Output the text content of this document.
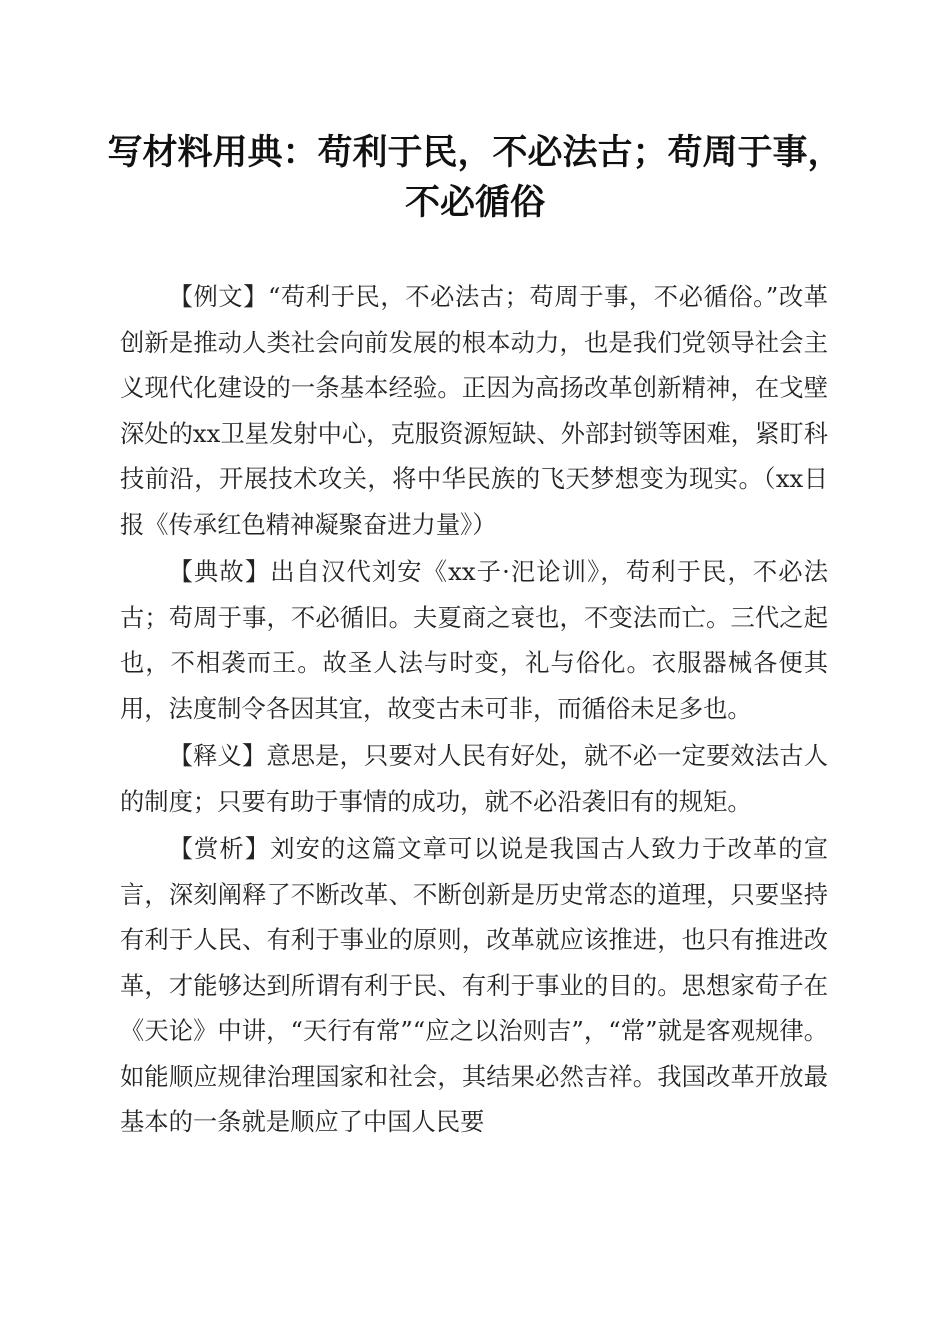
写材料用典：苟利于民，不必法古；苟周于事，不必循俗

【例文】“苟利于民，不必法古；苟周于事，不必循俗。”改革创新是推动人类社会向前发展的根本动力，也是我们党领导社会主义现代化建设的一条基本经验。正因为高扬改革创新精神，在戈壁深处的xx卫星发射中心，克服资源短缺、外部封锁等困难，紧盯科技前沿，开展技术攻关，将中华民族的飞天梦想变为现实。（xx日报《传承红色精神凝聚奋进力量》）

【典故】出自汉代刘安《xx子·汜论训》，苟利于民，不必法古；苟周于事，不必循旧。夫夏商之衰也，不变法而亡。三代之起也，不相袭而王。故圣人法与时变，礼与俗化。衣服器械各便其用，法度制令各因其宜，故变古未可非，而循俗未足多也。

【释义】意思是，只要对人民有好处，就不必一定要效法古人的制度；只要有助于事情的成功，就不必沿袭旧有的规矩。

【赏析】刘安的这篇文章可以说是我国古人致力于改革的宣言，深刻阐释了不断改革、不断创新是历史常态的道理，只要坚持有利于人民、有利于事业的原则，改革就应该推进，也只有推进改革，才能够达到所谓有利于民、有利于事业的目的。思想家荀子在《天论》中讲，“天行有常”“应之以治则吉”，“常”就是客观规律。如能顺应规律治理国家和社会，其结果必然吉祥。我国改革开放最基本的一条就是顺应了中国人民要
